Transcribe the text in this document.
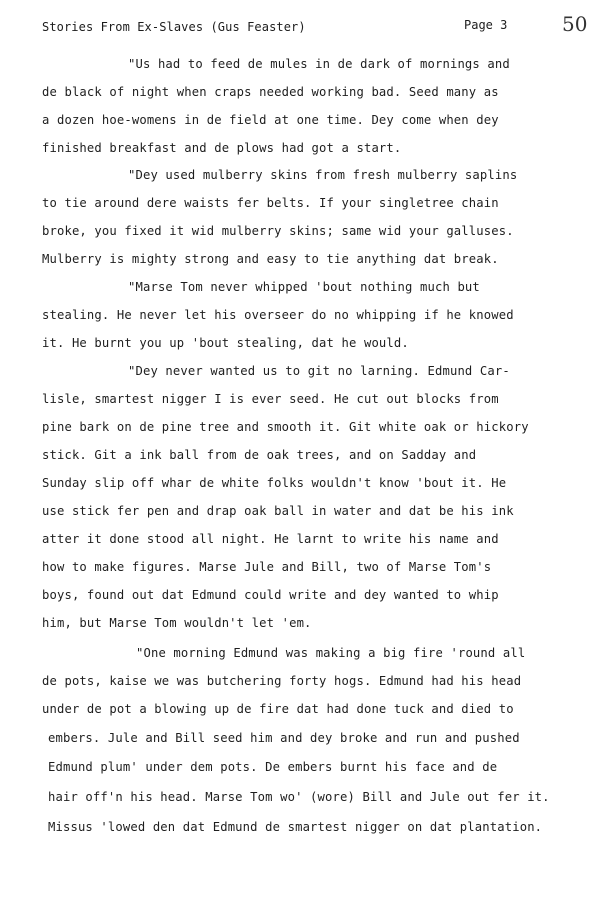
Stories From Ex-Slaves (Gus Feaster)	Page 3	50
"Us had to feed de mules in de dark of mornings and
de black of night when craps needed working bad. Seed many as
a dozen hoe-womens in de field at one time. Dey come when dey
finished breakfast and de plows had got a start.
"Dey used mulberry skins from fresh mulberry saplins
to tie around dere waists fer belts. If your singletree chain
broke, you fixed it wid mulberry skins; same wid your galluses.
Mulberry is mighty strong and easy to tie anything dat break.
"Marse Tom never whipped 'bout nothing much but
stealing. He never let his overseer do no whipping if he knowed
it. He burnt you up 'bout stealing, dat he would.
"Dey never wanted us to git no larning. Edmund Car-
lisle, smartest nigger I is ever seed. He cut out blocks from
pine bark on de pine tree and smooth it. Git white oak or hickory
stick. Git a ink ball from de oak trees, and on Sadday and
Sunday slip off whar de white folks wouldn't know 'bout it. He
use stick fer pen and drap oak ball in water and dat be his ink
atter it done stood all night. He larnt to write his name and
how to make figures. Marse Jule and Bill, two of Marse Tom's
boys, found out dat Edmund could write and dey wanted to whip
him, but Marse Tom wouldn't let 'em.
"One morning Edmund was making a big fire 'round all
de pots, kaise we was butchering forty hogs. Edmund had his head
under de pot a blowing up de fire dat had done tuck and died to
embers. Jule and Bill seed him and dey broke and run and pushed
Edmund plum' under dem pots. De embers burnt his face and de
hair off'n his head. Marse Tom wo' (wore) Bill and Jule out fer it.
Missus 'lowed den dat Edmund de smartest nigger on dat plantation.
